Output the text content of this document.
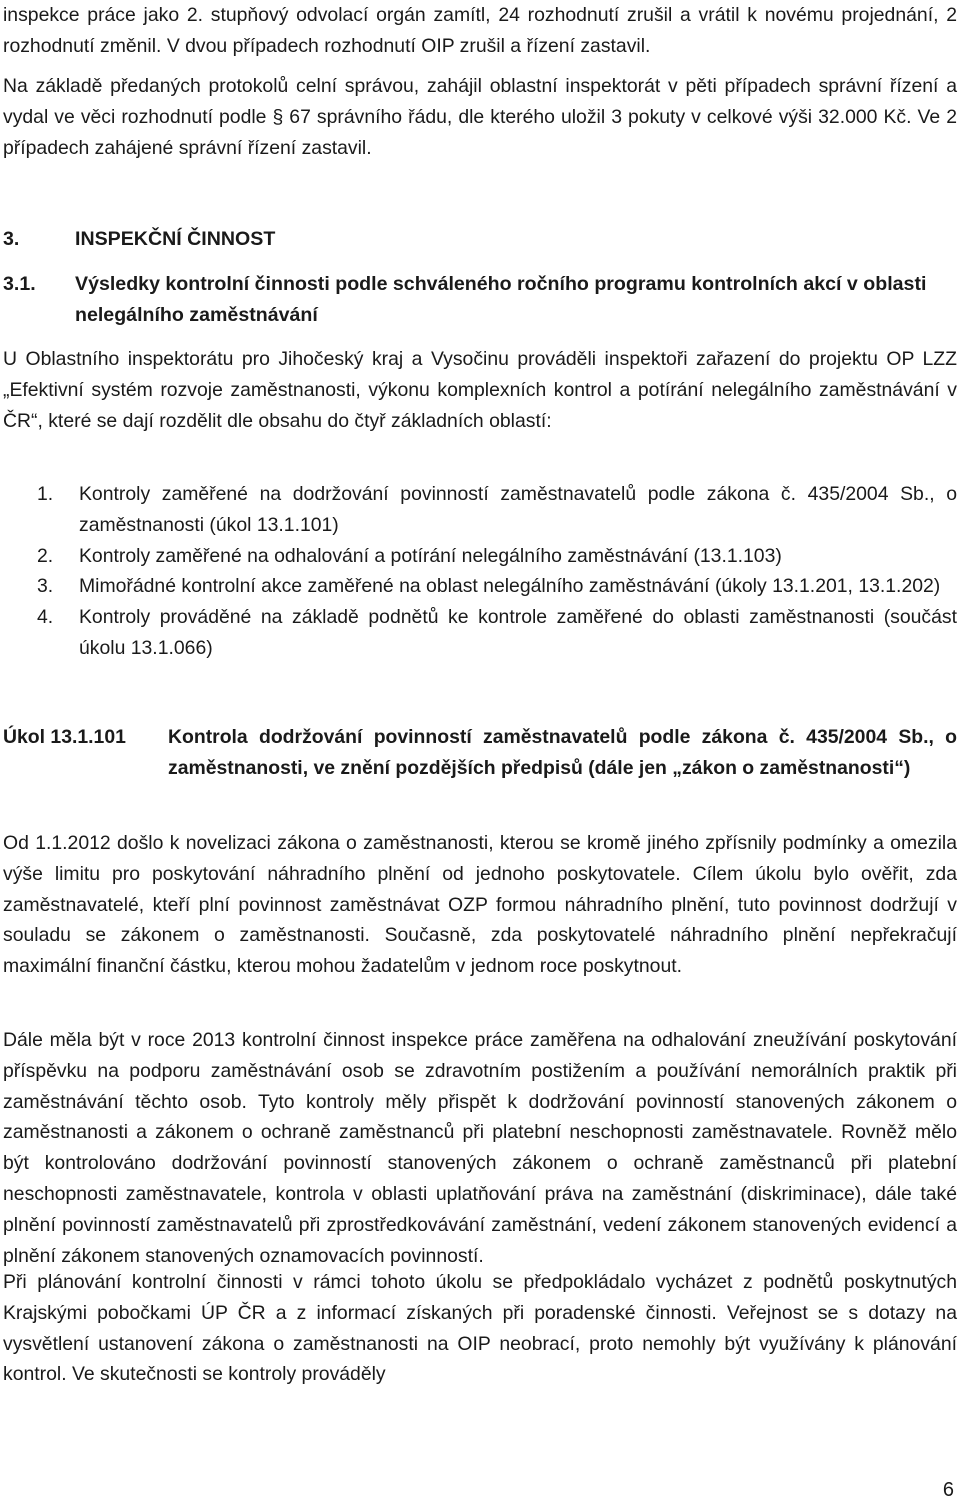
inspekce práce jako 2. stupňový odvolací orgán zamítl, 24 rozhodnutí zrušil a vrátil k novému projednání, 2 rozhodnutí změnil. V dvou případech rozhodnutí OIP zrušil a řízení zastavil.

Na základě předaných protokolů celní správou, zahájil oblastní inspektorát v pěti případech správní řízení a vydal ve věci rozhodnutí podle § 67 správního řádu, dle kterého uložil 3 pokuty v celkové výši 32.000 Kč. Ve 2 případech zahájené správní řízení zastavil.

3.	INSPEKČNÍ ČINNOST
3.1. Výsledky kontrolní činnosti podle schváleného ročního programu kontrolních akcí v oblasti nelegálního zaměstnávání

U Oblastního inspektorátu pro Jihočeský kraj a Vysočinu prováděli inspektoři zařazení do projektu OP LZZ „Efektivní systém rozvoje zaměstnanosti, výkonu komplexních kontrol a potírání nelegálního zaměstnávání v ČR“, které se dají rozdělit dle obsahu do čtyř základních oblastí:

1. Kontroly zaměřené na dodržování povinností zaměstnavatelů podle zákona č. 435/2004 Sb., o zaměstnanosti (úkol 13.1.101)
2. Kontroly zaměřené na odhalování a potírání nelegálního zaměstnávání (13.1.103)
3. Mimořádné kontrolní akce zaměřené na oblast nelegálního zaměstnávání (úkoly 13.1.201, 13.1.202)
4. Kontroly prováděné na základě podnětů ke kontrole zaměřené do oblasti zaměstnanosti (součást úkolu 13.1.066)
Úkol 13.1.101 Kontrola dodržování povinností zaměstnavatelů podle zákona č. 435/2004 Sb., o zaměstnanosti, ve znění pozdějších předpisů (dále jen „zákon o zaměstnanosti“)

Od 1.1.2012 došlo k novelizaci zákona o zaměstnanosti, kterou se kromě jiného zpřísnily podmínky a omezila výše limitu pro poskytování náhradního plnění od jednoho poskytovatele. Cílem úkolu bylo ověřit, zda zaměstnavatelé, kteří plní povinnost zaměstnávat OZP formou náhradního plnění, tuto povinnost dodržují v souladu se zákonem o zaměstnanosti. Současně, zda poskytovatelé náhradního plnění nepřekračují maximální finanční částku, kterou mohou žadatelům v jednom roce poskytnout.

Dále měla být v roce 2013 kontrolní činnost inspekce práce zaměřena na odhalování zneužívání poskytování příspěvku na podporu zaměstnávání osob se zdravotním postižením a používání nemorálních praktik při zaměstnávání těchto osob. Tyto kontroly měly přispět k dodržování povinností stanovených zákonem o zaměstnanosti a zákonem o ochraně zaměstnanců při platební neschopnosti zaměstnavatele. Rovněž mělo být kontrolováno dodržování povinností stanovených zákonem o ochraně zaměstnanců při platební neschopnosti zaměstnavatele, kontrola v oblasti uplatňování práva na zaměstnání (diskriminace), dále také plnění povinností zaměstnavatelů při zprostředkovávání zaměstnání, vedení zákonem stanovených evidencí a plnění zákonem stanovených oznamovacích povinností.

Při plánování kontrolní činnosti v rámci tohoto úkolu se předpokládalo vycházet z podnětů poskytnutých Krajskými pobočkami ÚP ČR a z informací získaných při poradenské činnosti. Veřejnost se s dotazy na vysvětlení ustanovení zákona o zaměstnanosti na OIP neobrací, proto nemohly být využívány k plánování kontrol. Ve skutečnosti se kontroly prováděly

6
